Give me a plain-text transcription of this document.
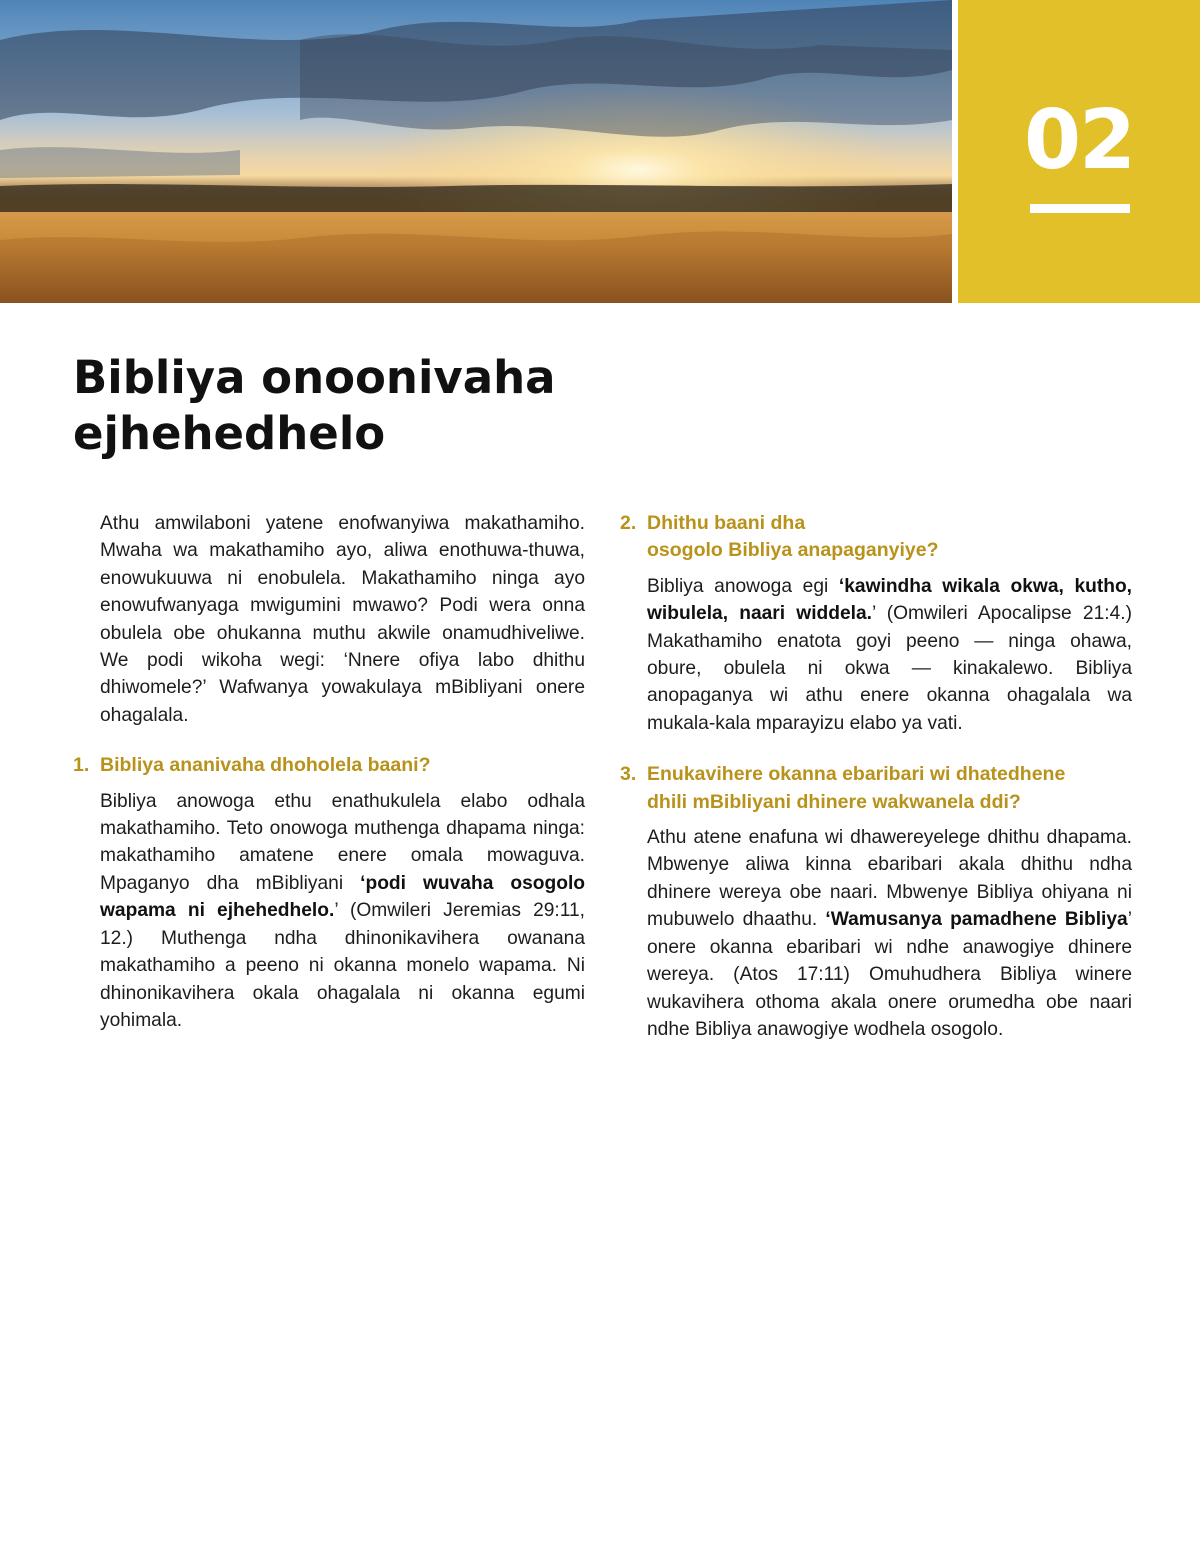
02
Bibliya onoonivaha
ejhehedhelo

Athu amwilaboni yatene enofwanyiwa makathamiho. Mwaha wa makathamiho ayo, aliwa enothuwa-thuwa, enowukuuwa ni enobulela. Makathamiho ninga ayo enowufwanyaga mwigumini mwawo? Podi wera onna obulela obe ohukanna muthu akwile onamudhiveliwe. We podi wikoha wegi: ‘Nnere ofiya labo dhithu dhiwomele?’ Wafwanya yowakulaya mBibliyani onere ohagalala.

1. Bibliya ananivaha dhoholela baani?

Bibliya anowoga ethu enathukulela elabo odhala makathamiho. Teto onowoga muthenga dhapama ninga: makathamiho amatene enere omala mowaguva. Mpaganyo dha mBibliyani ‘podi wuvaha osogolo wapama ni ejhehedhelo.’ (Omwileri Jeremias 29:11, 12.) Muthenga ndha dhinonikavihera owanana makathamiho a peeno ni okanna monelo wapama. Ni dhinonikavihera okala ohagalala ni okanna egumi yohimala.

2. Dhithu baani dha
osogolo Bibliya anapaganyiye?

Bibliya anowoga egi ‘kawindha wikala okwa, kutho, wibulela, naari widdela.’ (Omwileri Apocalipse 21:4.) Makathamiho enatota goyi peeno — ninga ohawa, obure, obulela ni okwa — kinakalewo. Bibliya anopaganya wi athu enere okanna ohagalala wa mukala-kala mparayizu elabo ya vati.

3. Enukavihere okanna ebaribari wi dhatedhene
dhili mBibliyani dhinere wakwanela ddi?

Athu atene enafuna wi dhawereyelege dhithu dhapama. Mbwenye aliwa kinna ebaribari akala dhithu ndha dhinere wereya obe naari. Mbwenye Bibliya ohiyana ni mubuwelo dhaathu. ‘Wamusanya pamadhene Bibliya’ onere okanna ebaribari wi ndhe anawogiye dhinere wereya. (Atos 17:11) Omuhudhera Bibliya winere wukavihera othoma akala onere orumedha obe naari ndhe Bibliya anawogiye wodhela osogolo.
